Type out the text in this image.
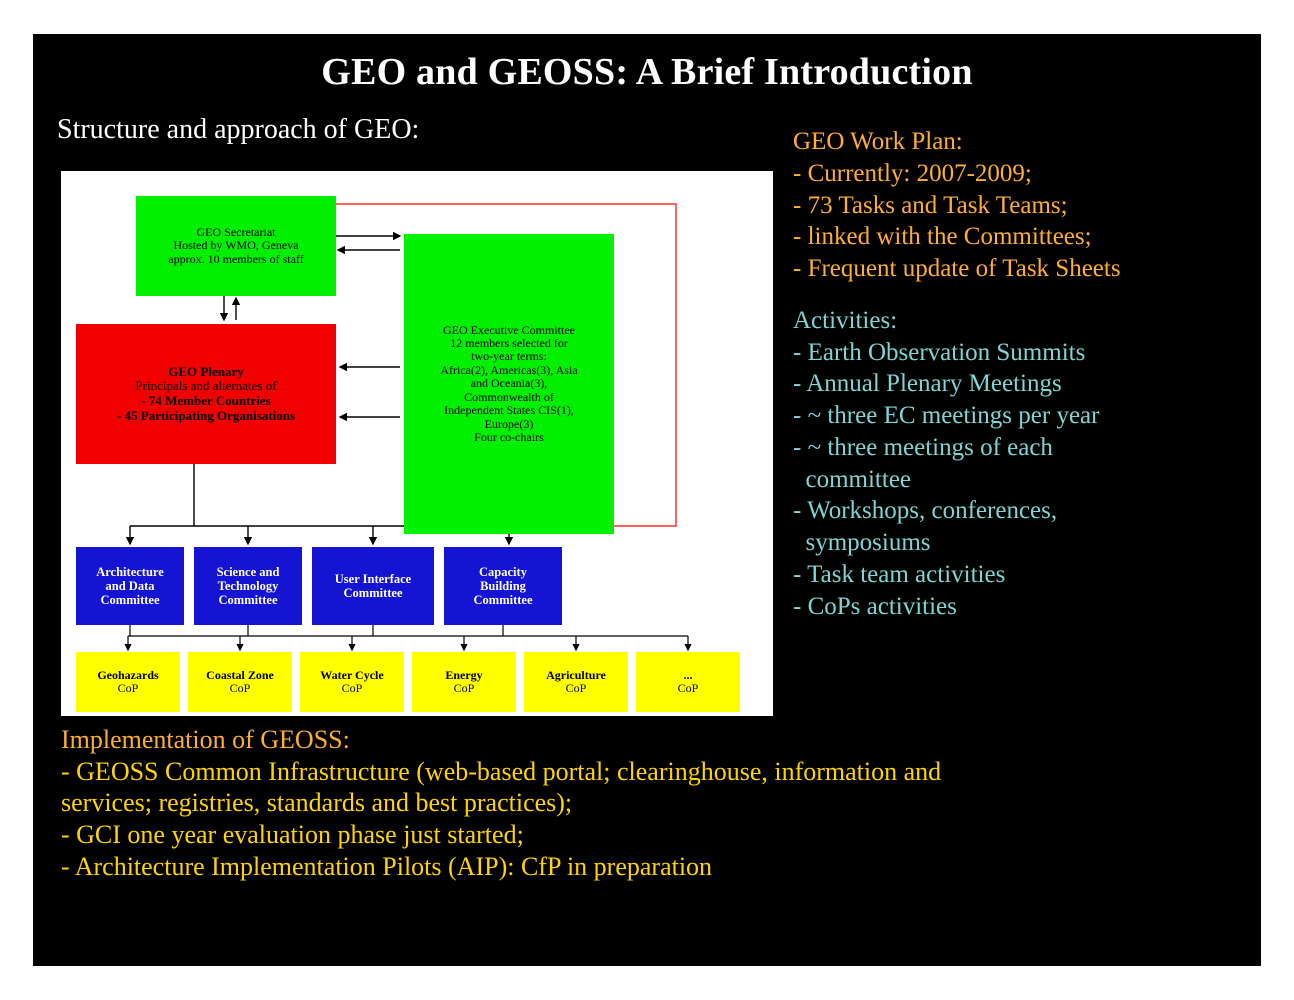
GEO and GEOSS: A Brief Introduction
Structure and approach of GEO:
GEO Secretariat
Hosted by WMO, Geneva
approx. 10 members of staff
GEO Executive Committee
12 members selected for
two-year terms:
Africa(2), Americas(3), Asia
and Oceania(3),
Commonwealth of
Independent States CIS(1),
Europe(3)
Four co-chairs
GEO Plenary
Principals and alternates of
- 74 Member Countries
- 45 Participating Organisations
Architecture
and Data
Committee
Science and
Technology
Committee
User Interface
Committee
Capacity
Building
Committee
Geohazards
CoP
Coastal Zone
CoP
Water Cycle
CoP
Energy
CoP
Agriculture
CoP
...
CoP
GEO Work Plan:
- Currently: 2007-2009;
- 73 Tasks and Task Teams;
- linked with the Committees;
- Frequent update of Task Sheets
Activities:
- Earth Observation Summits
- Annual Plenary Meetings
- ~ three EC meetings per year
- ~ three meetings of each
committee
- Workshops, conferences,
symposiums
- Task team activities
- CoPs activities
Implementation of GEOSS:
- GEOSS Common Infrastructure (web-based portal; clearinghouse, information and
services; registries, standards and best practices);
- GCI one year evaluation phase just started;
- Architecture Implementation Pilots (AIP): CfP in preparation
